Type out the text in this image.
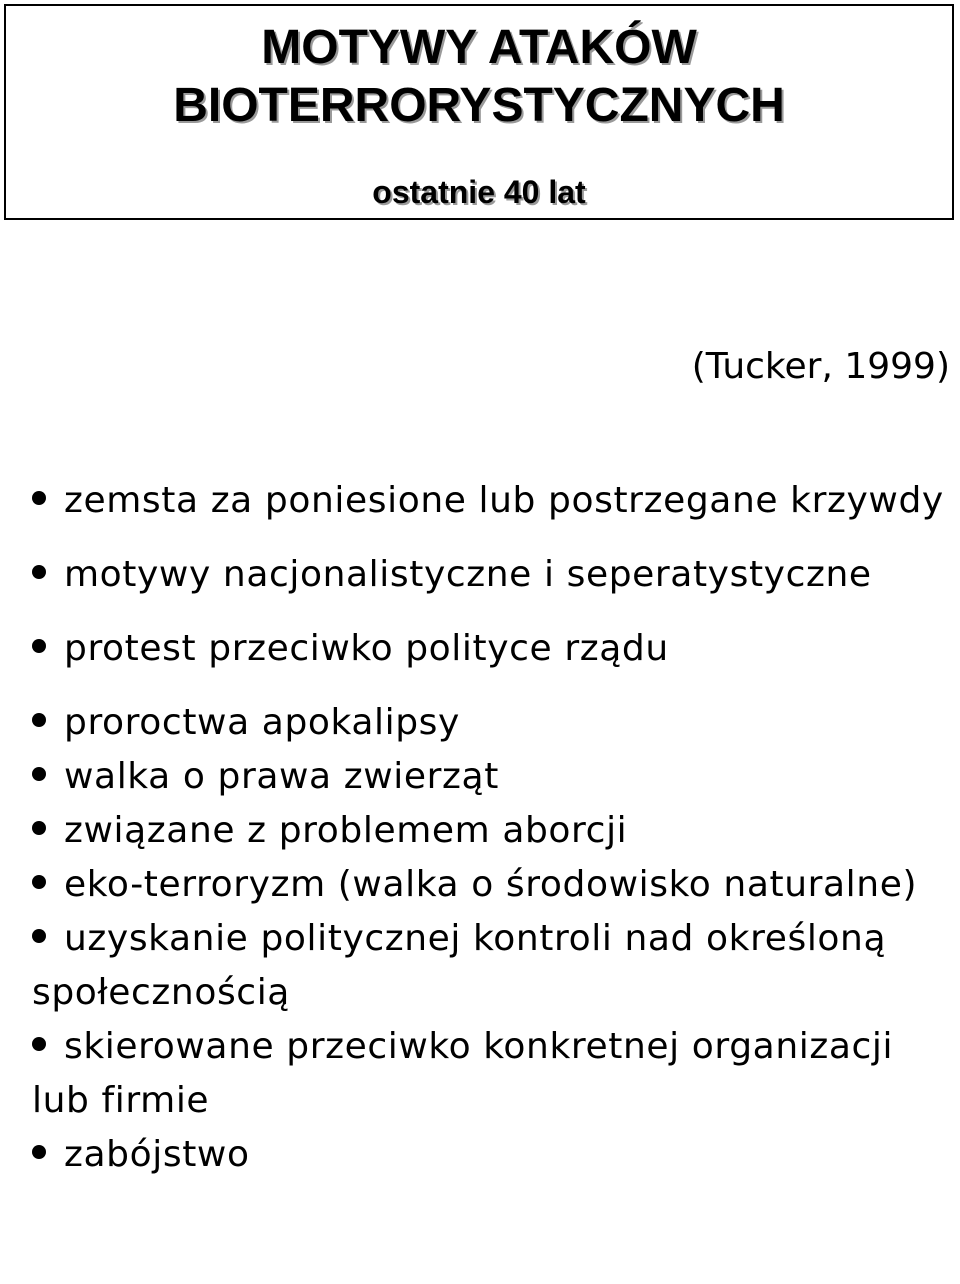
MOTYWY ATAKÓW
BIOTERRORYSTYCZNYCH
ostatnie 40 lat
(Tucker, 1999)
zemsta za poniesione lub postrzegane krzywdy
motywy nacjonalistyczne i seperatystyczne
protest przeciwko polityce rządu
proroctwa apokalipsy
walka o prawa zwierząt
związane z problemem aborcji
eko-terroryzm (walka o środowisko naturalne)
uzyskanie politycznej kontroli nad określoną społecznością
skierowane przeciwko konkretnej organizacji lub firmie
zabójstwo
